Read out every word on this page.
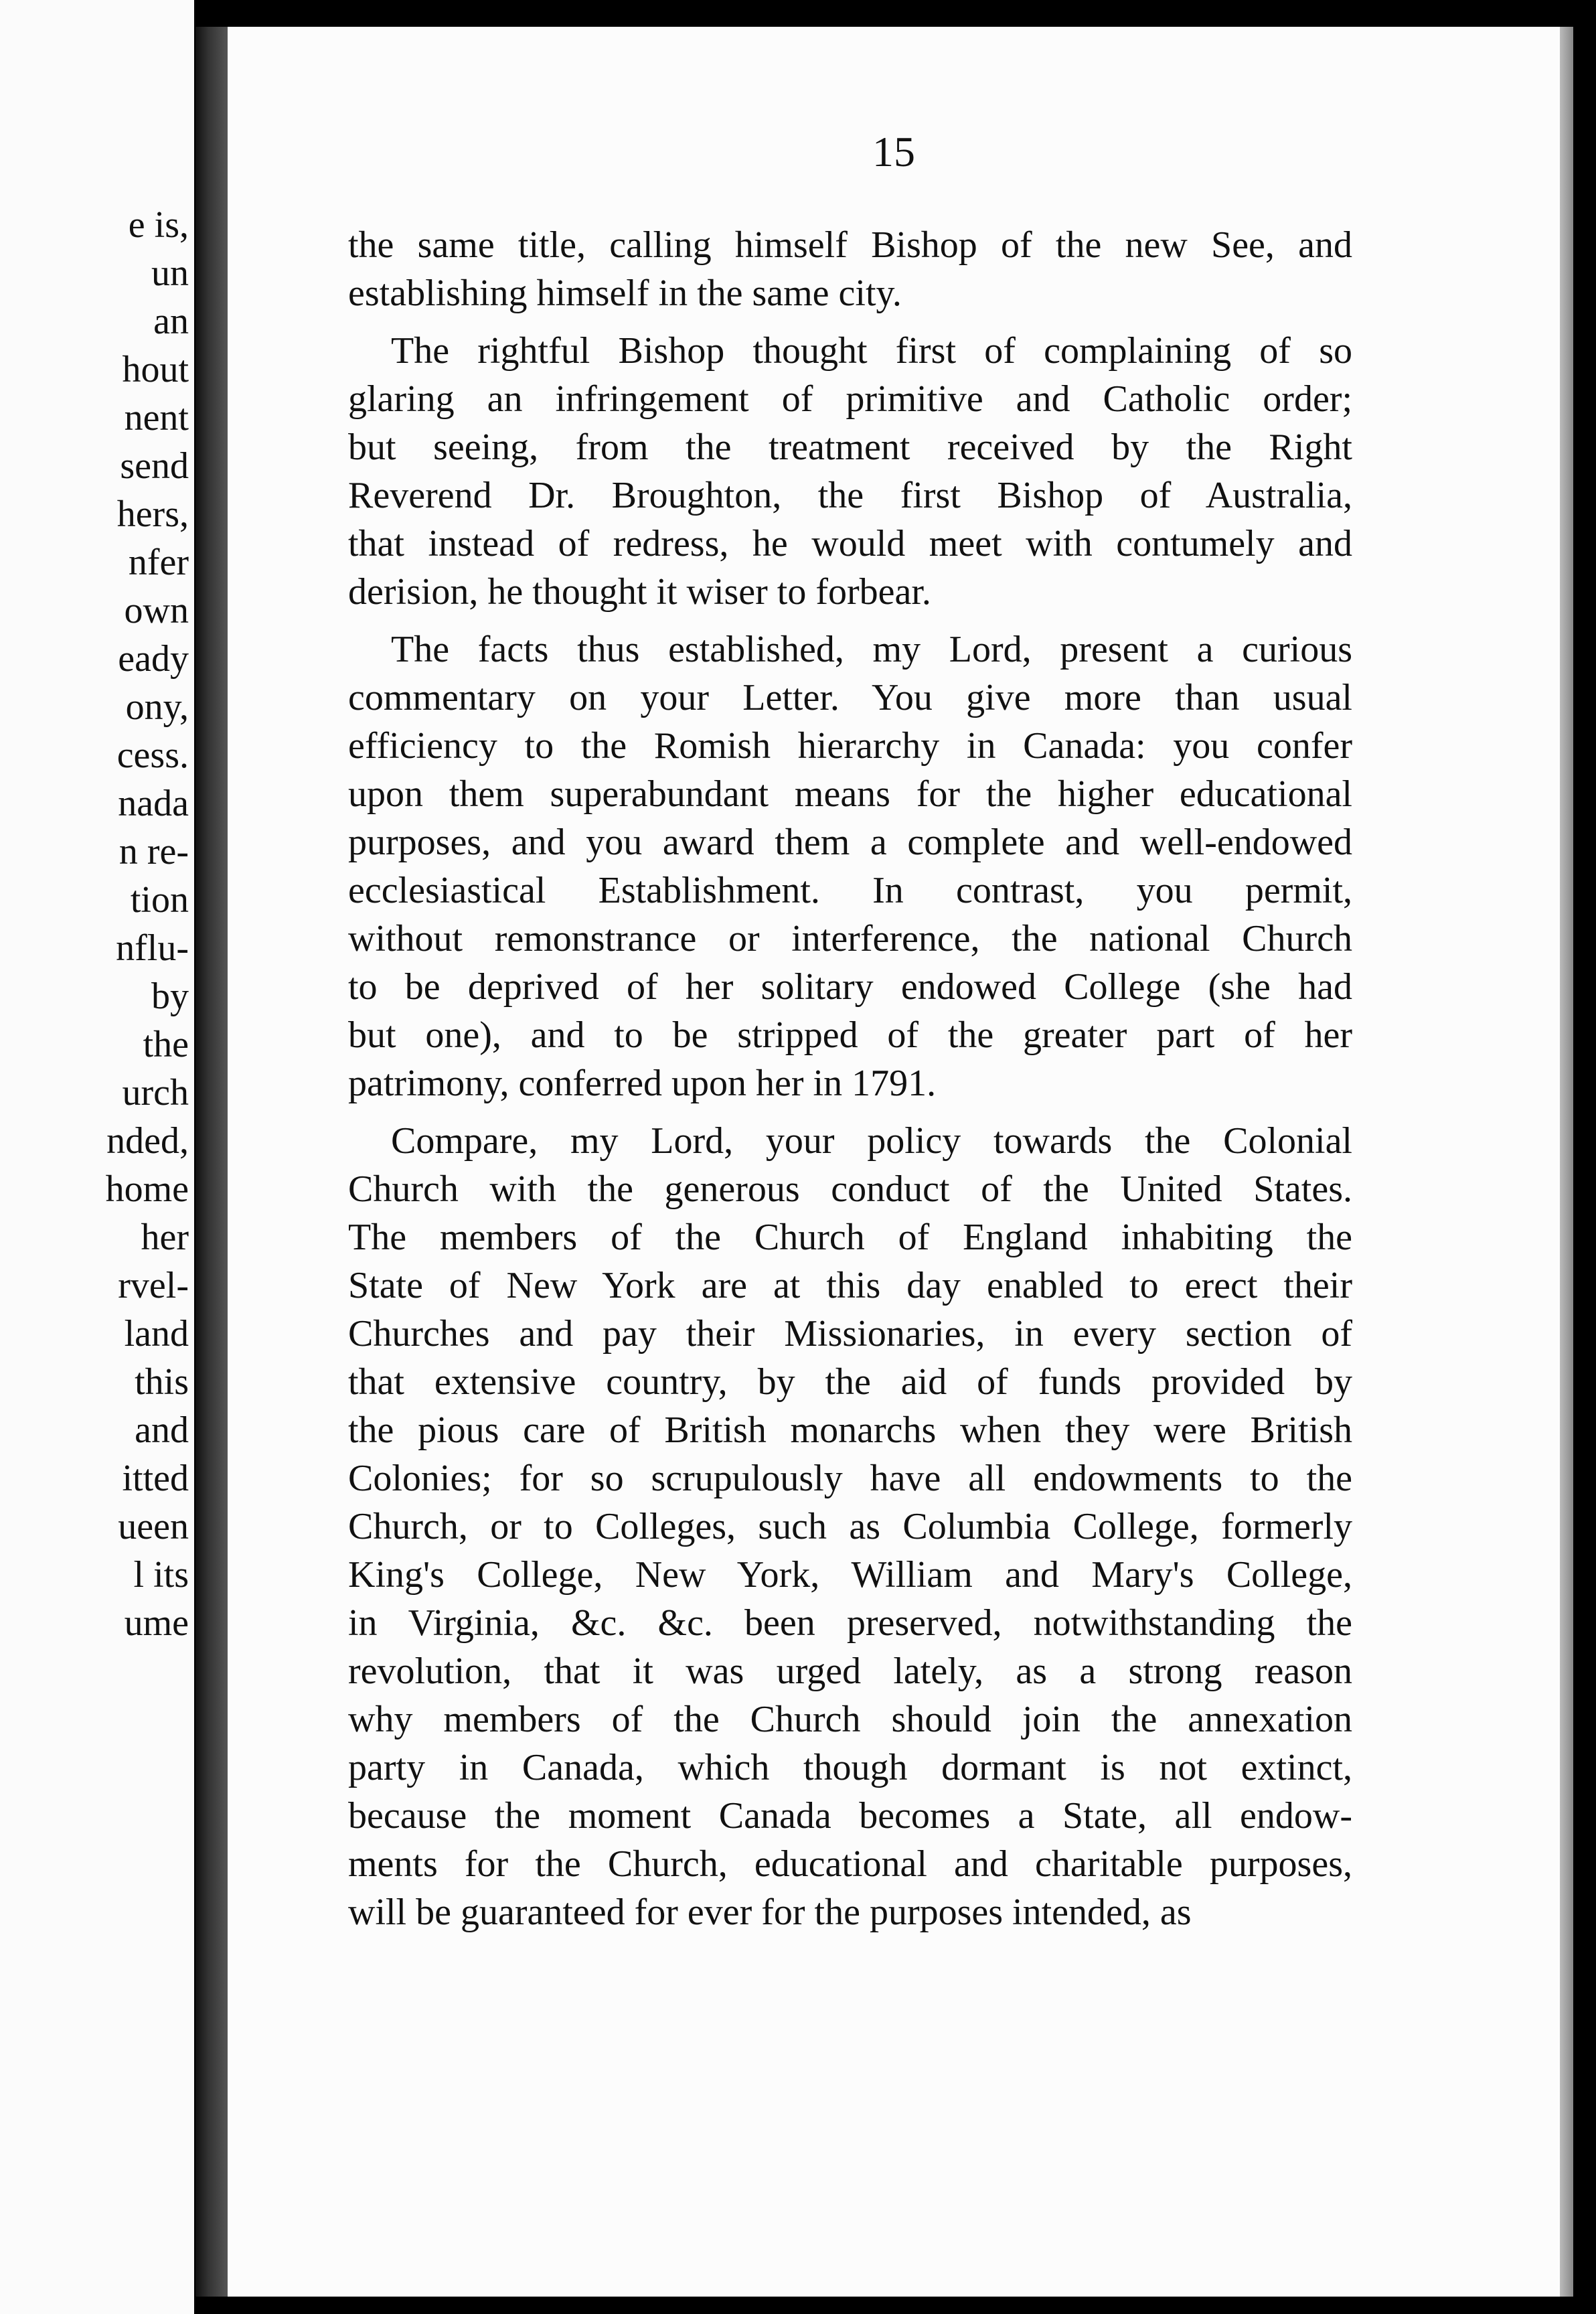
e is,
un
an
hout
nent
send
hers,
nfer
own
eady
ony,
cess.
nada
n re-
tion
nflu-
by
the
urch
nded,
home
her
rvel-
land
this
and
itted
ueen
l its
ume
15
the same title, calling himself Bishop of the new See, and
establishing himself in the same city.
The rightful Bishop thought first of complaining of so
glaring an infringement of primitive and Catholic order;
but seeing, from the treatment received by the Right
Reverend Dr. Broughton, the first Bishop of Australia,
that instead of redress, he would meet with contumely and
derision, he thought it wiser to forbear.
The facts thus established, my Lord, present a curious
commentary on your Letter. You give more than usual
efficiency to the Romish hierarchy in Canada: you confer
upon them superabundant means for the higher educational
purposes, and you award them a complete and well-endowed
ecclesiastical Establishment. In contrast, you permit,
without remonstrance or interference, the national Church
to be deprived of her solitary endowed College (she had
but one), and to be stripped of the greater part of her
patrimony, conferred upon her in 1791.
Compare, my Lord, your policy towards the Colonial
Church with the generous conduct of the United States.
The members of the Church of England inhabiting the
State of New York are at this day enabled to erect their
Churches and pay their Missionaries, in every section of
that extensive country, by the aid of funds provided by
the pious care of British monarchs when they were British
Colonies; for so scrupulously have all endowments to the
Church, or to Colleges, such as Columbia College, formerly
King's College, New York, William and Mary's College,
in Virginia, &c. &c. been preserved, notwithstanding the
revolution, that it was urged lately, as a strong reason
why members of the Church should join the annexation
party in Canada, which though dormant is not extinct,
because the moment Canada becomes a State, all endow-
ments for the Church, educational and charitable purposes,
will be guaranteed for ever for the purposes intended, as
